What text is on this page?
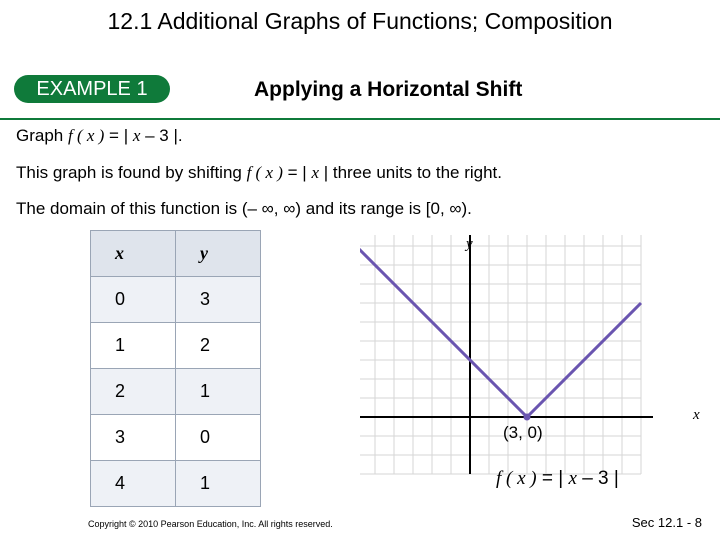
12.1 Additional Graphs of Functions; Composition
EXAMPLE 1	Applying a Horizontal Shift
Graph f ( x ) = | x – 3 |.
This graph is found by shifting f ( x ) = | x | three units to the right.
The domain of this function is (– ∞, ∞) and its range is [0, ∞).
x	y
0	3
1	2
2	1
3	0
4	1
y
x
(3, 0)
f ( x ) = | x – 3 |
Copyright © 2010 Pearson Education, Inc. All rights reserved.	Sec 12.1 - 8
